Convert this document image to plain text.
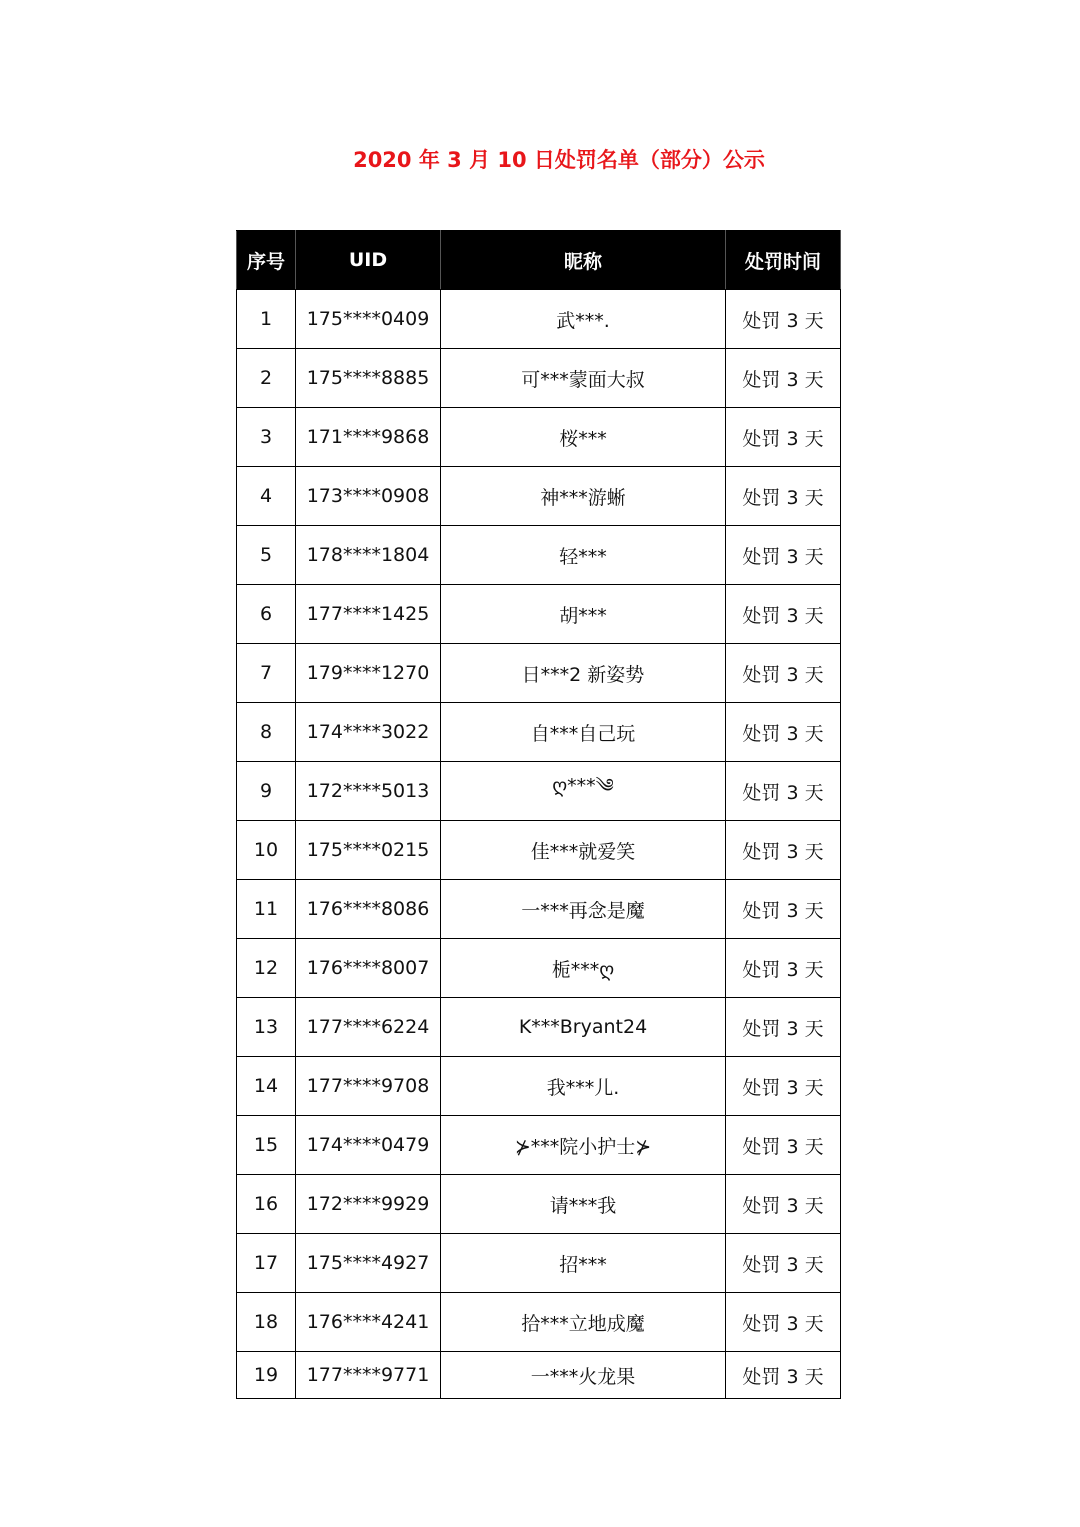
2020 年 3 月 10 日处罚名单（部分）公示
序号	UID	昵称	处罚时间
1	175****0409	武***.	处罚 3 天
2	175****8885	可***蒙面大叔	处罚 3 天
3	171****9868	桜***	处罚 3 天
4	173****0908	神***游蜥	处罚 3 天
5	178****1804	轻***	处罚 3 天
6	177****1425	胡***	处罚 3 天
7	179****1270	日***2 新姿势	处罚 3 天
8	174****3022	自***自己玩	处罚 3 天
9	172****5013	ღ***༄	处罚 3 天
10	175****0215	佳***就爱笑	处罚 3 天
11	176****8086	一***再念是魔	处罚 3 天
12	176****8007	栀***ღ	处罚 3 天
13	177****6224	K***Bryant24	处罚 3 天
14	177****9708	我***儿.	处罚 3 天
15	174****0479	⊁***院小护士⊁	处罚 3 天
16	172****9929	请***我	处罚 3 天
17	175****4927	招***	处罚 3 天
18	176****4241	拾***立地成魔	处罚 3 天
19	177****9771	一***火龙果	处罚 3 天
